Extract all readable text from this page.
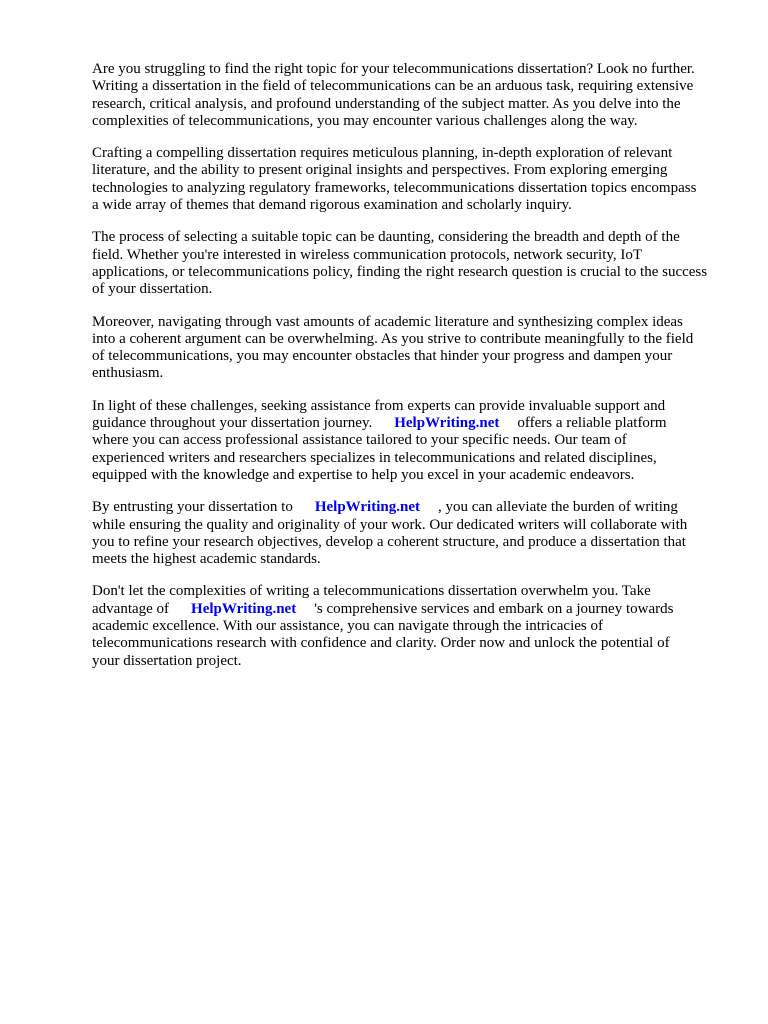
Are you struggling to find the right topic for your telecommunications dissertation? Look no further.
Writing a dissertation in the field of telecommunications can be an arduous task, requiring extensive
research, critical analysis, and profound understanding of the subject matter. As you delve into the
complexities of telecommunications, you may encounter various challenges along the way.

Crafting a compelling dissertation requires meticulous planning, in-depth exploration of relevant
literature, and the ability to present original insights and perspectives. From exploring emerging
technologies to analyzing regulatory frameworks, telecommunications dissertation topics encompass
a wide array of themes that demand rigorous examination and scholarly inquiry.

The process of selecting a suitable topic can be daunting, considering the breadth and depth of the
field. Whether you're interested in wireless communication protocols, network security, IoT
applications, or telecommunications policy, finding the right research question is crucial to the success
of your dissertation.

Moreover, navigating through vast amounts of academic literature and synthesizing complex ideas
into a coherent argument can be overwhelming. As you strive to contribute meaningfully to the field
of telecommunications, you may encounter obstacles that hinder your progress and dampen your
enthusiasm.

In light of these challenges, seeking assistance from experts can provide invaluable support and
guidance throughout your dissertation journey. HelpWriting.net offers a reliable platform
where you can access professional assistance tailored to your specific needs. Our team of
experienced writers and researchers specializes in telecommunications and related disciplines,
equipped with the knowledge and expertise to help you excel in your academic endeavors.

By entrusting your dissertation to HelpWriting.net , you can alleviate the burden of writing
while ensuring the quality and originality of your work. Our dedicated writers will collaborate with
you to refine your research objectives, develop a coherent structure, and produce a dissertation that
meets the highest academic standards.

Don't let the complexities of writing a telecommunications dissertation overwhelm you. Take
advantage of HelpWriting.net 's comprehensive services and embark on a journey towards
academic excellence. With our assistance, you can navigate through the intricacies of
telecommunications research with confidence and clarity. Order now and unlock the potential of
your dissertation project.
